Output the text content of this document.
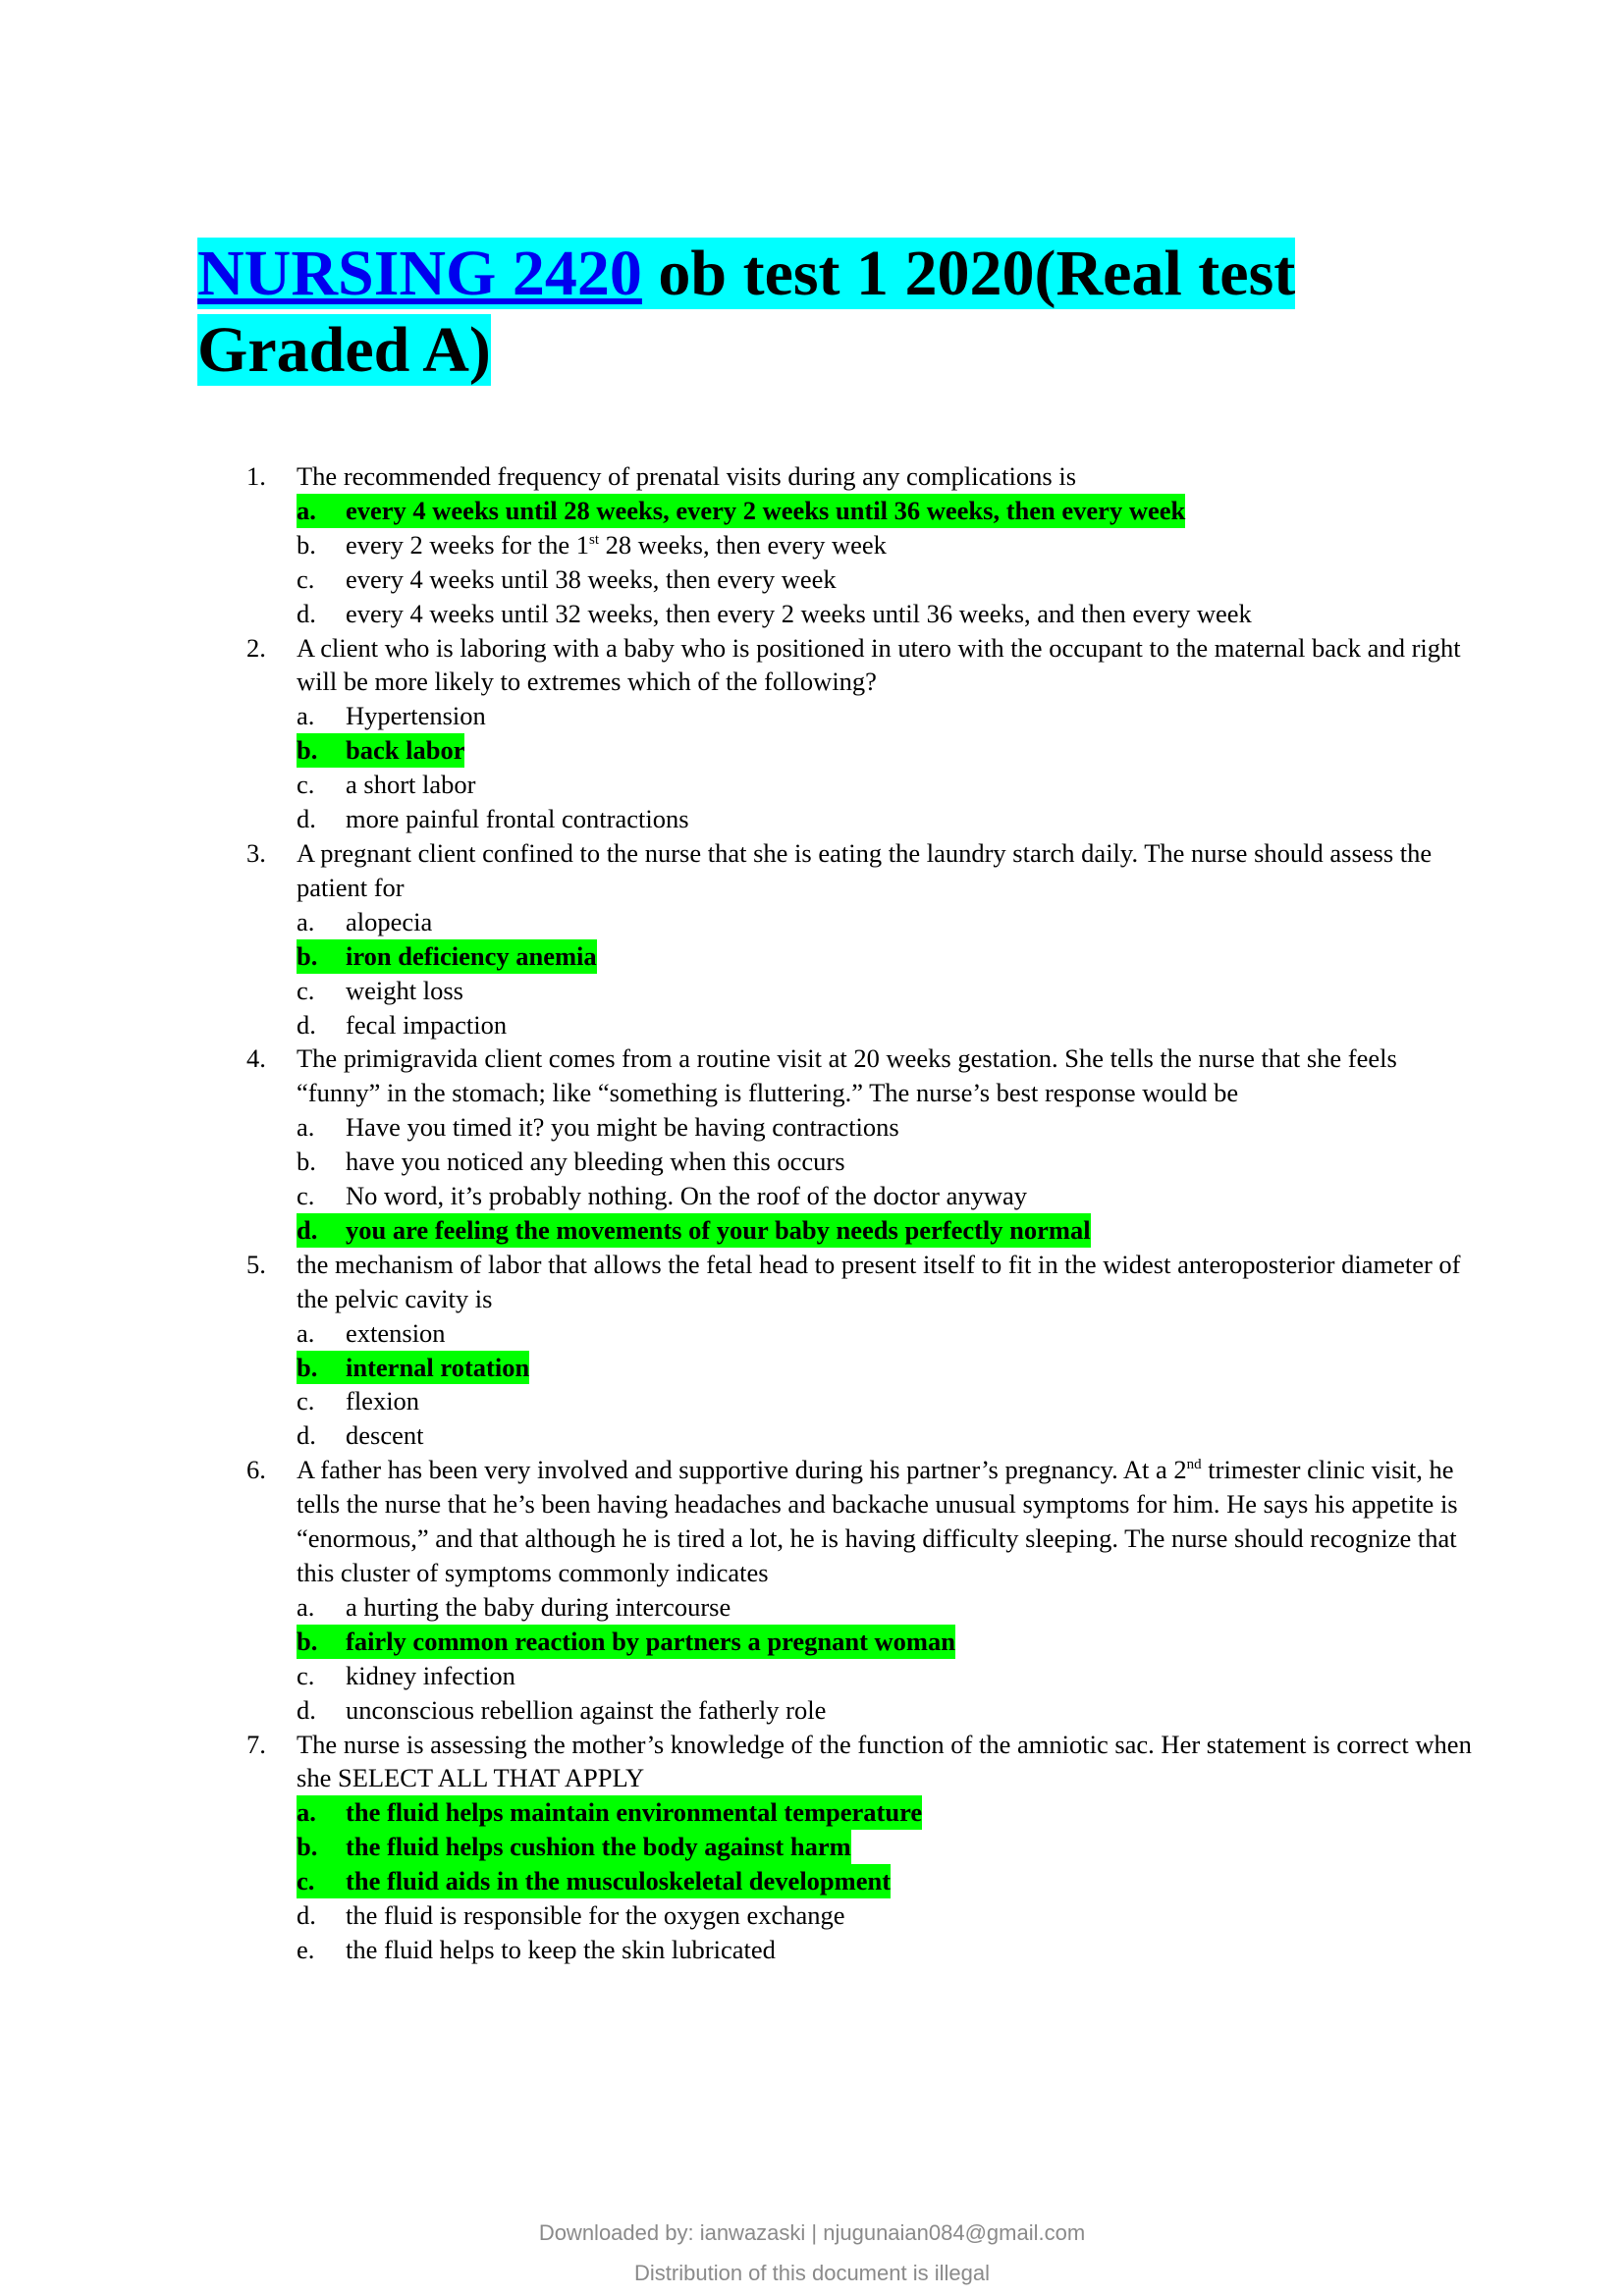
NURSING 2420 ob test 1 2020(Real test
Graded A)
1. The recommended frequency of prenatal visits during any complications is
a. every 4 weeks until 28 weeks, every 2 weeks until 36 weeks, then every week
b. every 2 weeks for the 1st 28 weeks, then every week
c. every 4 weeks until 38 weeks, then every week
d. every 4 weeks until 32 weeks, then every 2 weeks until 36 weeks, and then every week
2. A client who is laboring with a baby who is positioned in utero with the occupant to the maternal back and right will be more likely to extremes which of the following?
a. Hypertension
b. back labor
c. a short labor
d. more painful frontal contractions
3. A pregnant client confined to the nurse that she is eating the laundry starch daily. The nurse should assess the patient for
a. alopecia
b. iron deficiency anemia
c. weight loss
d. fecal impaction
4. The primigravida client comes from a routine visit at 20 weeks gestation. She tells the nurse that she feels “funny” in the stomach; like “something is fluttering.” The nurse’s best response would be
a. Have you timed it? you might be having contractions
b. have you noticed any bleeding when this occurs
c. No word, it’s probably nothing. On the roof of the doctor anyway
d. you are feeling the movements of your baby needs perfectly normal
5. the mechanism of labor that allows the fetal head to present itself to fit in the widest anteroposterior diameter of the pelvic cavity is
a. extension
b. internal rotation
c. flexion
d. descent
6. A father has been very involved and supportive during his partner’s pregnancy. At a 2nd trimester clinic visit, he tells the nurse that he’s been having headaches and backache unusual symptoms for him. He says his appetite is “enormous,” and that although he is tired a lot, he is having difficulty sleeping. The nurse should recognize that this cluster of symptoms commonly indicates
a. a hurting the baby during intercourse
b. fairly common reaction by partners a pregnant woman
c. kidney infection
d. unconscious rebellion against the fatherly role
7. The nurse is assessing the mother’s knowledge of the function of the amniotic sac. Her statement is correct when she SELECT ALL THAT APPLY
a. the fluid helps maintain environmental temperature
b. the fluid helps cushion the body against harm
c. the fluid aids in the musculoskeletal development
d. the fluid is responsible for the oxygen exchange
e. the fluid helps to keep the skin lubricated
Downloaded by: ianwazaski | njugunaian084@gmail.com
Distribution of this document is illegal
